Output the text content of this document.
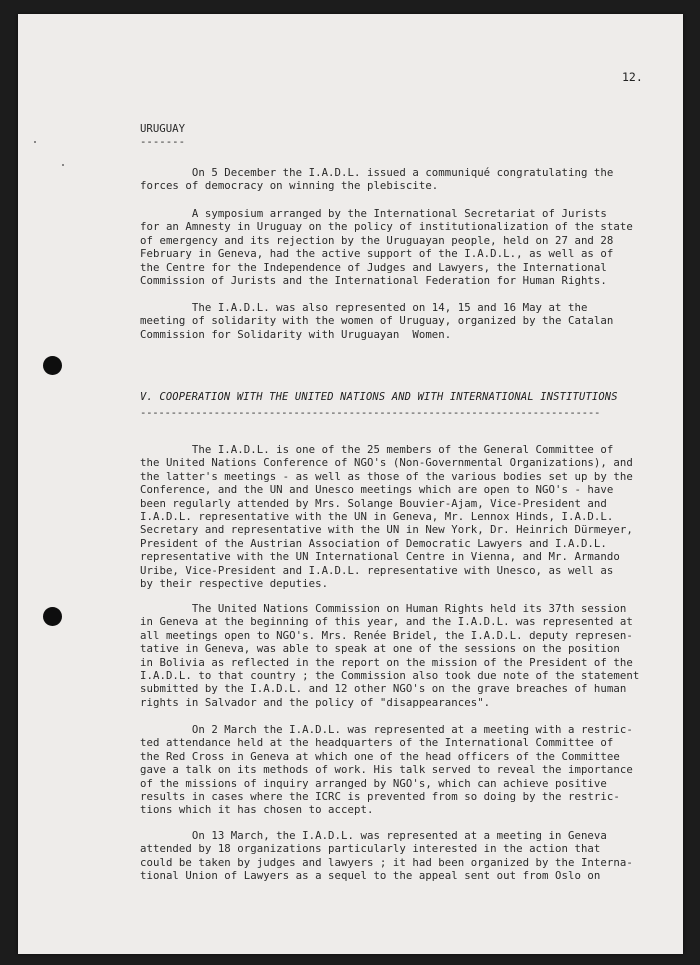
12.
URUGUAY
-------
On 5 December the I.A.D.L. issued a communiqué congratulating the
forces of democracy on winning the plebiscite.
A symposium arranged by the International Secretariat of Jurists
for an Amnesty in Uruguay on the policy of institutionalization of the state
of emergency and its rejection by the Uruguayan people, held on 27 and 28
February in Geneva, had the active support of the I.A.D.L., as well as of
the Centre for the Independence of Judges and Lawyers, the International
Commission of Jurists and the International Federation for Human Rights.
The I.A.D.L. was also represented on 14, 15 and 16 May at the
meeting of solidarity with the women of Uruguay, organized by the Catalan
Commission for Solidarity with Uruguayan  Women.
V. COOPERATION WITH THE UNITED NATIONS AND WITH INTERNATIONAL INSTITUTIONS
---------------------------------------------------------------------------
The I.A.D.L. is one of the 25 members of the General Committee of
the United Nations Conference of NGO's (Non-Governmental Organizations), and
the latter's meetings - as well as those of the various bodies set up by the
Conference, and the UN and Unesco meetings which are open to NGO's - have
been regularly attended by Mrs. Solange Bouvier-Ajam, Vice-President and
I.A.D.L. representative with the UN in Geneva, Mr. Lennox Hinds, I.A.D.L.
Secretary and representative with the UN in New York, Dr. Heinrich Dürmeyer,
President of the Austrian Association of Democratic Lawyers and I.A.D.L.
representative with the UN International Centre in Vienna, and Mr. Armando
Uribe, Vice-President and I.A.D.L. representative with Unesco, as well as
by their respective deputies.
The United Nations Commission on Human Rights held its 37th session
in Geneva at the beginning of this year, and the I.A.D.L. was represented at
all meetings open to NGO's. Mrs. Renée Bridel, the I.A.D.L. deputy represen-
tative in Geneva, was able to speak at one of the sessions on the position
in Bolivia as reflected in the report on the mission of the President of the
I.A.D.L. to that country ; the Commission also took due note of the statement
submitted by the I.A.D.L. and 12 other NGO's on the grave breaches of human
rights in Salvador and the policy of "disappearances".
On 2 March the I.A.D.L. was represented at a meeting with a restric-
ted attendance held at the headquarters of the International Committee of
the Red Cross in Geneva at which one of the head officers of the Committee
gave a talk on its methods of work. His talk served to reveal the importance
of the missions of inquiry arranged by NGO's, which can achieve positive
results in cases where the ICRC is prevented from so doing by the restric-
tions which it has chosen to accept.
On 13 March, the I.A.D.L. was represented at a meeting in Geneva
attended by 18 organizations particularly interested in the action that
could be taken by judges and lawyers ; it had been organized by the Interna-
tional Union of Lawyers as a sequel to the appeal sent out from Oslo on
